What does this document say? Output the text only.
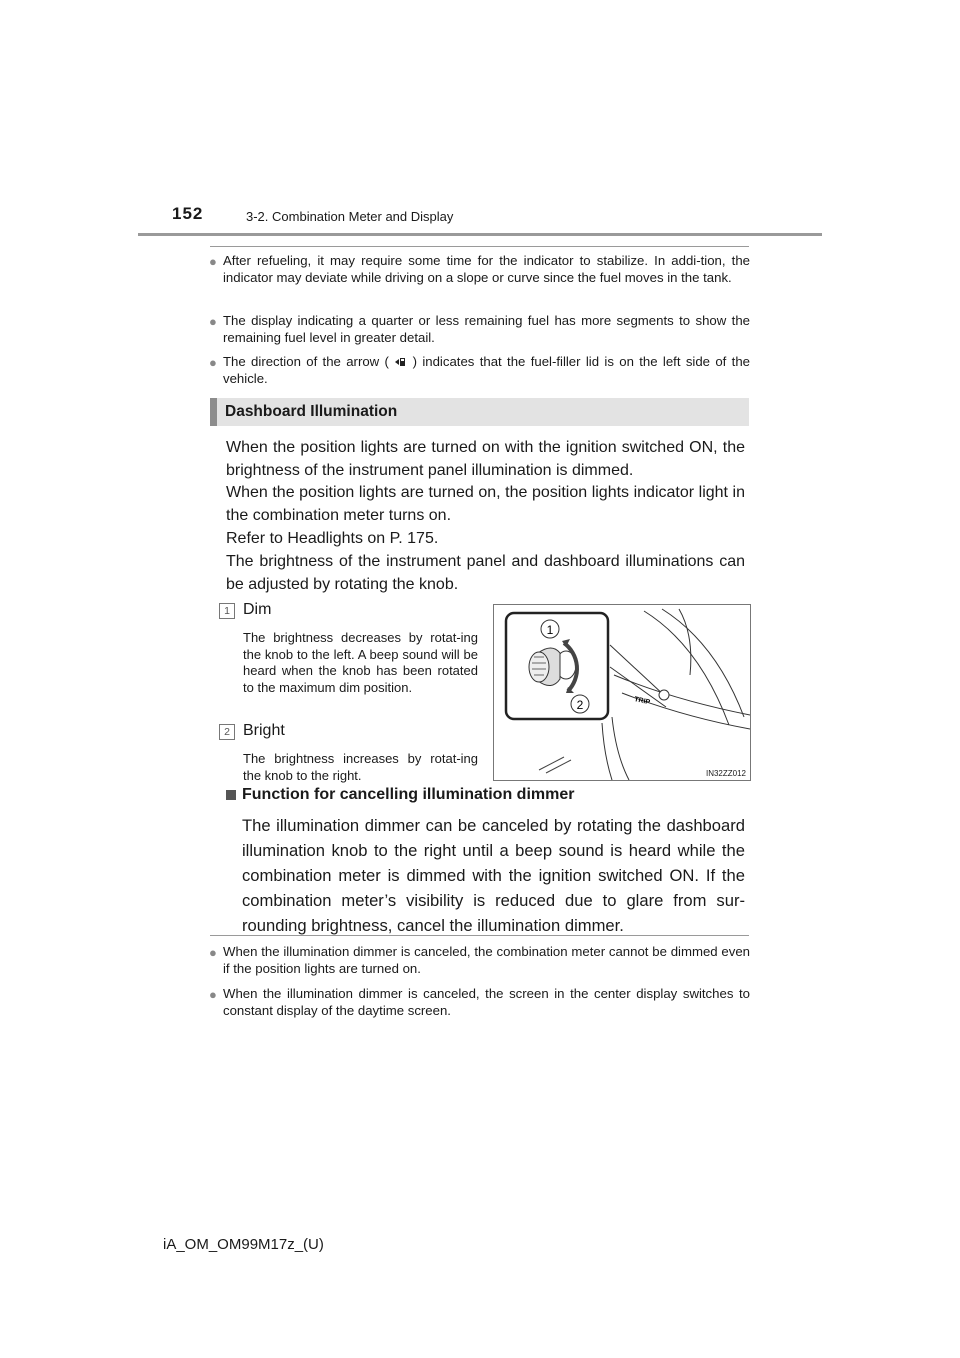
152	3-2. Combination Meter and Display
● After refueling, it may require some time for the indicator to stabilize. In addi-tion, the indicator may deviate while driving on a slope or curve since the fuel moves in the tank.
● The display indicating a quarter or less remaining fuel has more segments to show the remaining fuel level in greater detail.
● The direction of the arrow ( ) indicates that the fuel-filler lid is on the left side of the vehicle.
Dashboard Illumination
When the position lights are turned on with the ignition switched ON, the brightness of the instrument panel illumination is dimmed.
When the position lights are turned on, the position lights indicator light in the combination meter turns on.
Refer to Headlights on P. 175.
The brightness of the instrument panel and dashboard illuminations can be adjusted by rotating the knob.
1 Dim
The brightness decreases by rotat-ing the knob to the left. A beep sound will be heard when the knob has been rotated to the maximum dim position.
2 Bright
The brightness increases by rotat-ing the knob to the right.
1
2	TRIP
IN32ZZ012
Function for cancelling illumination dimmer
The illumination dimmer can be canceled by rotating the dashboard illumination knob to the right until a beep sound is heard while the combination meter is dimmed with the ignition switched ON. If the combination meter’s visibility is reduced due to glare from sur-rounding brightness, cancel the illumination dimmer.
● When the illumination dimmer is canceled, the combination meter cannot be dimmed even if the position lights are turned on.
● When the illumination dimmer is canceled, the screen in the center display switches to constant display of the daytime screen.
iA_OM_OM99M17z_(U)
